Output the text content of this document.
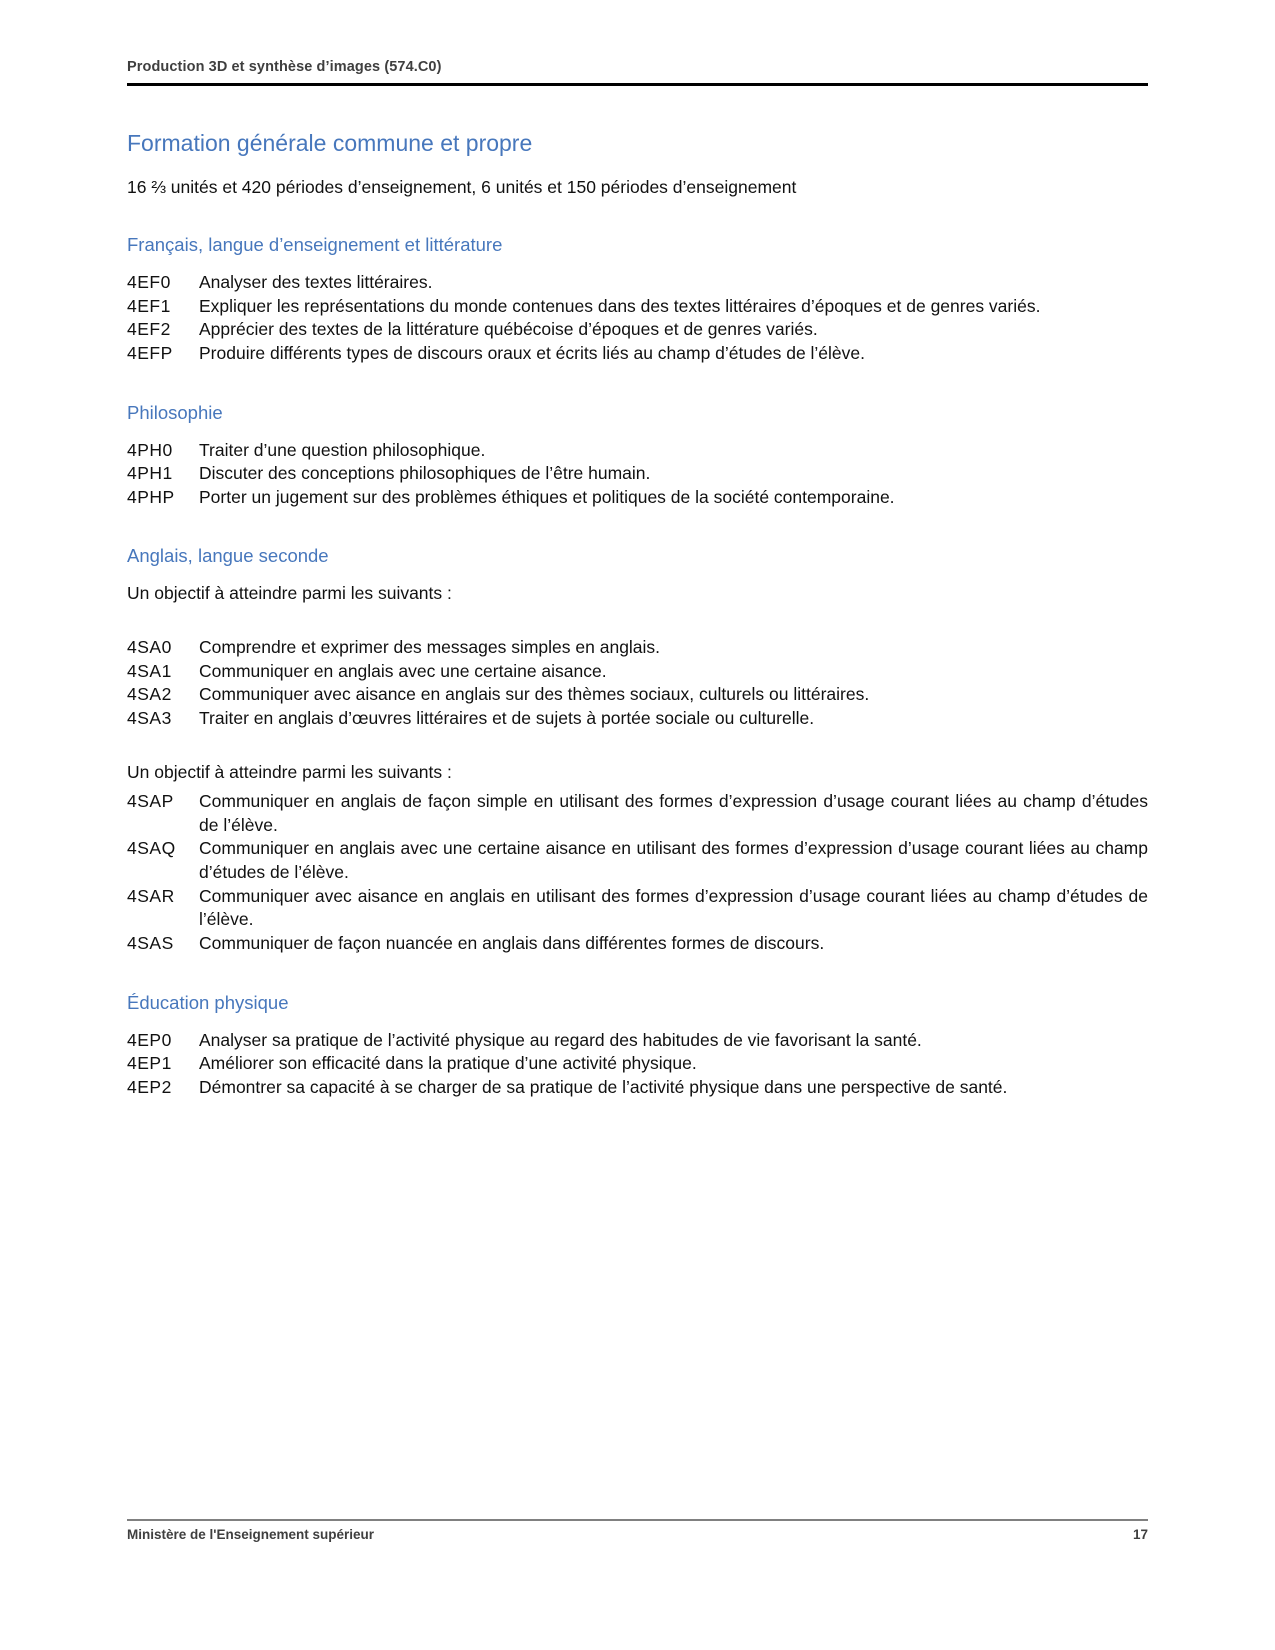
Production 3D et synthèse d’images (574.C0)
Formation générale commune et propre

16 ⅔ unités et 420 périodes d’enseignement, 6 unités et 150 périodes d’enseignement

Français, langue d’enseignement et littérature
4EF0	Analyser des textes littéraires.
4EF1	Expliquer les représentations du monde contenues dans des textes littéraires d’époques et de genres variés.
4EF2	Apprécier des textes de la littérature québécoise d’époques et de genres variés.
4EFP	Produire différents types de discours oraux et écrits liés au champ d’études de l’élève.
Philosophie
4PH0	Traiter d’une question philosophique.
4PH1	Discuter des conceptions philosophiques de l’être humain.
4PHP	Porter un jugement sur des problèmes éthiques et politiques de la société contemporaine.
Anglais, langue seconde

Un objectif à atteindre parmi les suivants :

4SA0	Comprendre et exprimer des messages simples en anglais.
4SA1	Communiquer en anglais avec une certaine aisance.
4SA2	Communiquer avec aisance en anglais sur des thèmes sociaux, culturels ou littéraires.
4SA3	Traiter en anglais d’œuvres littéraires et de sujets à portée sociale ou culturelle.

Un objectif à atteindre parmi les suivants :

4SAP	Communiquer en anglais de façon simple en utilisant des formes d’expression d’usage courant liées au champ d’études de l’élève.
4SAQ	Communiquer en anglais avec une certaine aisance en utilisant des formes d’expression d’usage courant liées au champ d’études de l’élève.
4SAR	Communiquer avec aisance en anglais en utilisant des formes d’expression d’usage courant liées au champ d’études de l’élève.
4SAS	Communiquer de façon nuancée en anglais dans différentes formes de discours.
Éducation physique
4EP0	Analyser sa pratique de l’activité physique au regard des habitudes de vie favorisant la santé.
4EP1	Améliorer son efficacité dans la pratique d’une activité physique.
4EP2	Démontrer sa capacité à se charger de sa pratique de l’activité physique dans une perspective de santé.
Ministère de l'Enseignement supérieur	17
